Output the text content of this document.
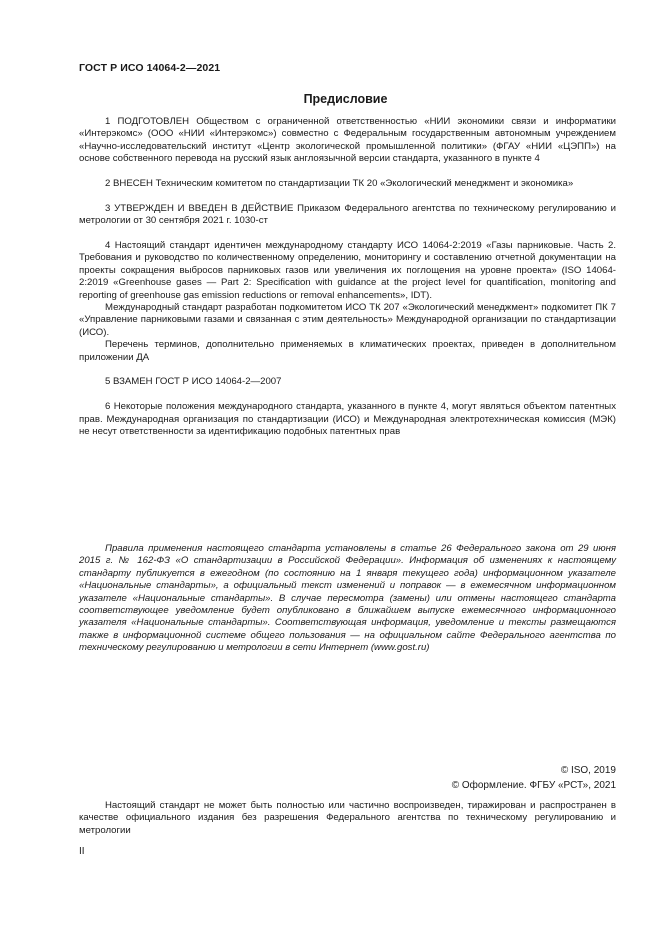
ГОСТ Р ИСО 14064-2—2021
Предисловие

1 ПОДГОТОВЛЕН Обществом с ограниченной ответственностью «НИИ экономики связи и информатики «Интерэкомс» (ООО «НИИ «Интерэкомс») совместно с Федеральным государственным автономным учреждением «Научно-исследовательский институт «Центр экологической промышленной политики» (ФГАУ «НИИ «ЦЭПП») на основе собственного перевода на русский язык англоязычной версии стандарта, указанного в пункте 4

2 ВНЕСЕН Техническим комитетом по стандартизации ТК 20 «Экологический менеджмент и экономика»

3 УТВЕРЖДЕН И ВВЕДЕН В ДЕЙСТВИЕ Приказом Федерального агентства по техническому регулированию и метрологии от 30 сентября 2021 г. 1030-ст

4 Настоящий стандарт идентичен международному стандарту ИСО 14064-2:2019 «Газы парниковые. Часть 2. Требования и руководство по количественному определению, мониторингу и составлению отчетной документации на проекты сокращения выбросов парниковых газов или увеличения их поглощения на уровне проекта» (ISO 14064-2:2019 «Greenhouse gases — Part 2: Specification with guidance at the project level for quantification, monitoring and reporting of greenhouse gas emission reductions or removal enhancements», IDT).

Международный стандарт разработан подкомитетом ИСО ТК 207 «Экологический менеджмент» подкомитет ПК 7 «Управление парниковыми газами и связанная с этим деятельность» Международной организации по стандартизации (ИСО).

Перечень терминов, дополнительно применяемых в климатических проектах, приведен в дополнительном приложении ДА

5 ВЗАМЕН ГОСТ Р ИСО 14064-2—2007

6 Некоторые положения международного стандарта, указанного в пункте 4, могут являться объектом патентных прав. Международная организация по стандартизации (ИСО) и Международная электротехническая комиссия (МЭК) не несут ответственности за идентификацию подобных патентных прав

Правила применения настоящего стандарта установлены в статье 26 Федерального закона от 29 июня 2015 г. № 162-ФЗ «О стандартизации в Российской Федерации». Информация об изменениях к настоящему стандарту публикуется в ежегодном (по состоянию на 1 января текущего года) информационном указателе «Национальные стандарты», а официальный текст изменений и поправок — в ежемесячном информационном указателе «Национальные стандарты». В случае пересмотра (замены) или отмены настоящего стандарта соответствующее уведомление будет опубликовано в ближайшем выпуске ежемесячного информационного указателя «Национальные стандарты». Соответствующая информация, уведомление и тексты размещаются также в информационной системе общего пользования — на официальном сайте Федерального агентства по техническому регулированию и метрологии в сети Интернет (www.gost.ru)

© ISO, 2019
© Оформление. ФГБУ «РСТ», 2021

Настоящий стандарт не может быть полностью или частично воспроизведен, тиражирован и распространен в качестве официального издания без разрешения Федерального агентства по техническому регулированию и метрологии

II
